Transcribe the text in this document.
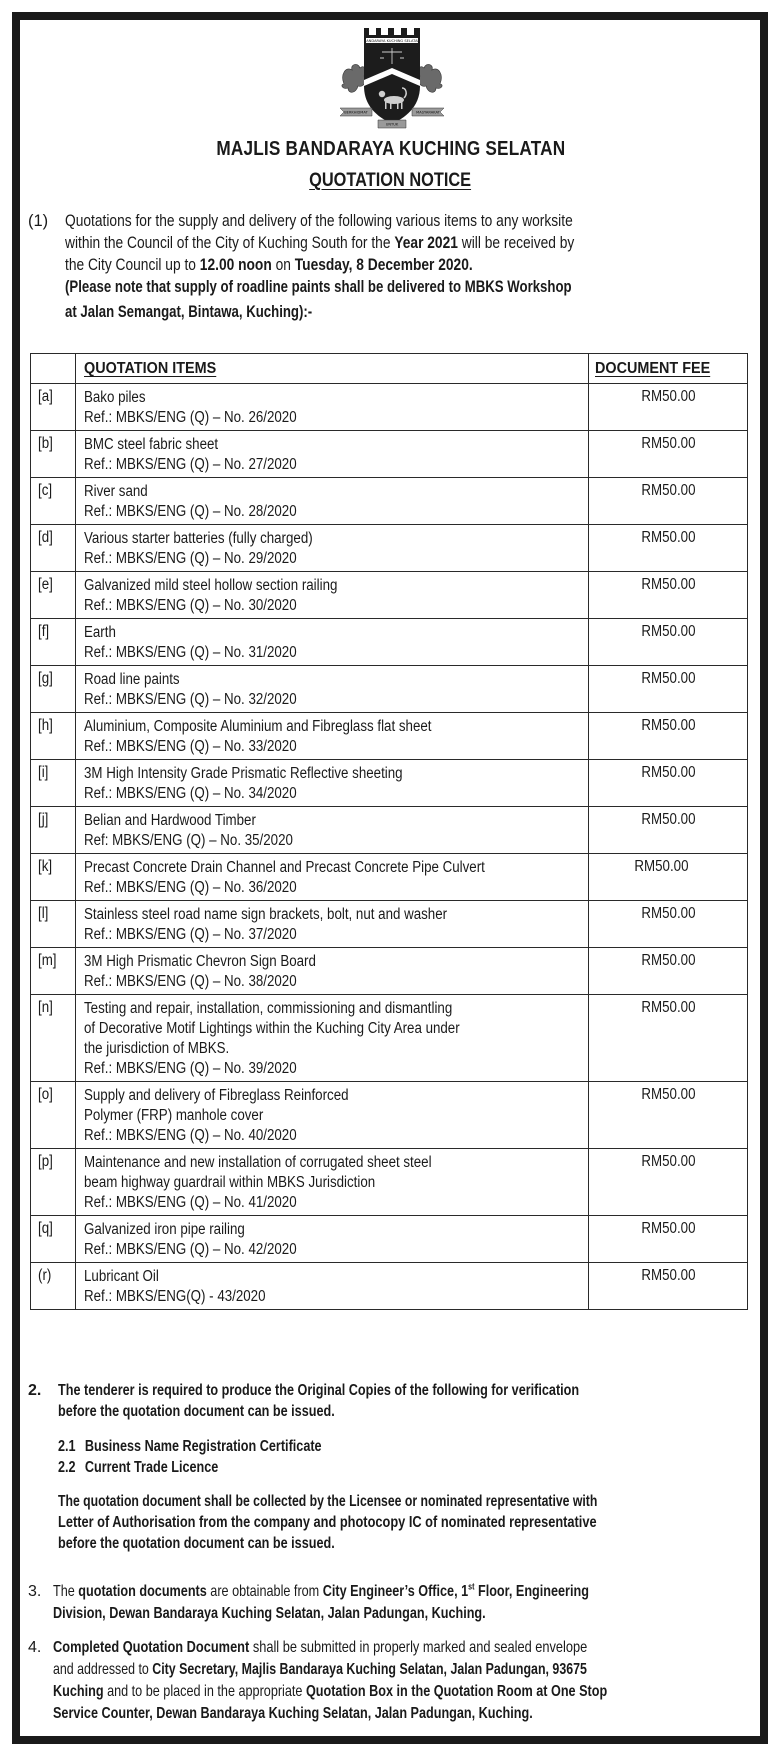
BANDARAYA KUCHING SELATAN
BERKHIDMAT
UNTUK
MASYARAKAT
MAJLIS BANDARAYA KUCHING SELATAN
QUOTATION NOTICE
(1) Quotations for the supply and delivery of the following various items to any worksite
within the Council of the City of Kuching South for the Year 2021 will be received by
the City Council up to 12.00 noon on Tuesday, 8 December 2020.
(Please note that supply of roadline paints shall be delivered to MBKS Workshop
at Jalan Semangat, Bintawa, Kuching):-
	QUOTATION ITEMS	DOCUMENT FEE
[a]	Bako piles
Ref.: MBKS/ENG (Q) – No. 26/2020	RM50.00
[b]	BMC steel fabric sheet
Ref.: MBKS/ENG (Q) – No. 27/2020	RM50.00
[c]	River sand
Ref.: MBKS/ENG (Q) – No. 28/2020	RM50.00
[d]	Various starter batteries (fully charged)
Ref.: MBKS/ENG (Q) – No. 29/2020	RM50.00
[e]	Galvanized mild steel hollow section railing
Ref.: MBKS/ENG (Q) – No. 30/2020	RM50.00
[f]	Earth
Ref.: MBKS/ENG (Q) – No. 31/2020	RM50.00
[g]	Road line paints
Ref.: MBKS/ENG (Q) – No. 32/2020	RM50.00
[h]	Aluminium, Composite Aluminium and Fibreglass flat sheet
Ref.: MBKS/ENG (Q) – No. 33/2020	RM50.00
[i]	3M High Intensity Grade Prismatic Reflective sheeting
Ref.: MBKS/ENG (Q) – No. 34/2020	RM50.00
[j]	Belian and Hardwood Timber
Ref: MBKS/ENG (Q) – No. 35/2020	RM50.00
[k]	Precast Concrete Drain Channel and Precast Concrete Pipe Culvert
Ref.: MBKS/ENG (Q) – No. 36/2020	RM50.00
[l]	Stainless steel road name sign brackets, bolt, nut and washer
Ref.: MBKS/ENG (Q) – No. 37/2020	RM50.00
[m]	3M High Prismatic Chevron Sign Board
Ref.: MBKS/ENG (Q) – No. 38/2020	RM50.00
[n]	Testing and repair, installation, commissioning and dismantling
of Decorative Motif Lightings within the Kuching City Area under
the jurisdiction of MBKS.
Ref.: MBKS/ENG (Q) – No. 39/2020	RM50.00
[o]	Supply and delivery of Fibreglass Reinforced
Polymer (FRP) manhole cover
Ref.: MBKS/ENG (Q) – No. 40/2020	RM50.00
[p]	Maintenance and new installation of corrugated sheet steel
beam highway guardrail within MBKS Jurisdiction
Ref.: MBKS/ENG (Q) – No. 41/2020	RM50.00
[q]	Galvanized iron pipe railing
Ref.: MBKS/ENG (Q) – No. 42/2020	RM50.00
(r)	Lubricant Oil
Ref.: MBKS/ENG(Q) - 43/2020	RM50.00
2. The tenderer is required to produce the Original Copies of the following for verification
before the quotation document can be issued.
2.1 Business Name Registration Certificate
2.2 Current Trade Licence
The quotation document shall be collected by the Licensee or nominated representative with
Letter of Authorisation from the company and photocopy IC of nominated representative
before the quotation document can be issued.
3. The quotation documents are obtainable from City Engineer’s Office, 1st Floor, Engineering
Division, Dewan Bandaraya Kuching Selatan, Jalan Padungan, Kuching.
4. Completed Quotation Document shall be submitted in properly marked and sealed envelope
and addressed to City Secretary, Majlis Bandaraya Kuching Selatan, Jalan Padungan, 93675
Kuching and to be placed in the appropriate Quotation Box in the Quotation Room at One Stop
Service Counter, Dewan Bandaraya Kuching Selatan, Jalan Padungan, Kuching.
